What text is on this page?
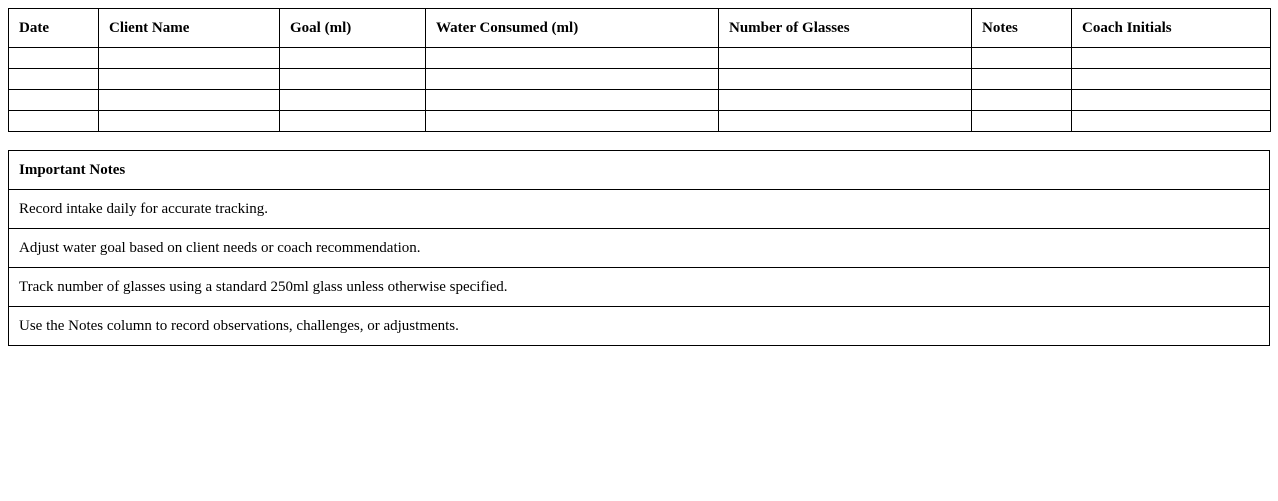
Date	Client Name	Goal (ml)	Water Consumed (ml)	Number of Glasses	Notes	Coach Initials

Important Notes
Record intake daily for accurate tracking.
Adjust water goal based on client needs or coach recommendation.
Track number of glasses using a standard 250ml glass unless otherwise specified.
Use the Notes column to record observations, challenges, or adjustments.
